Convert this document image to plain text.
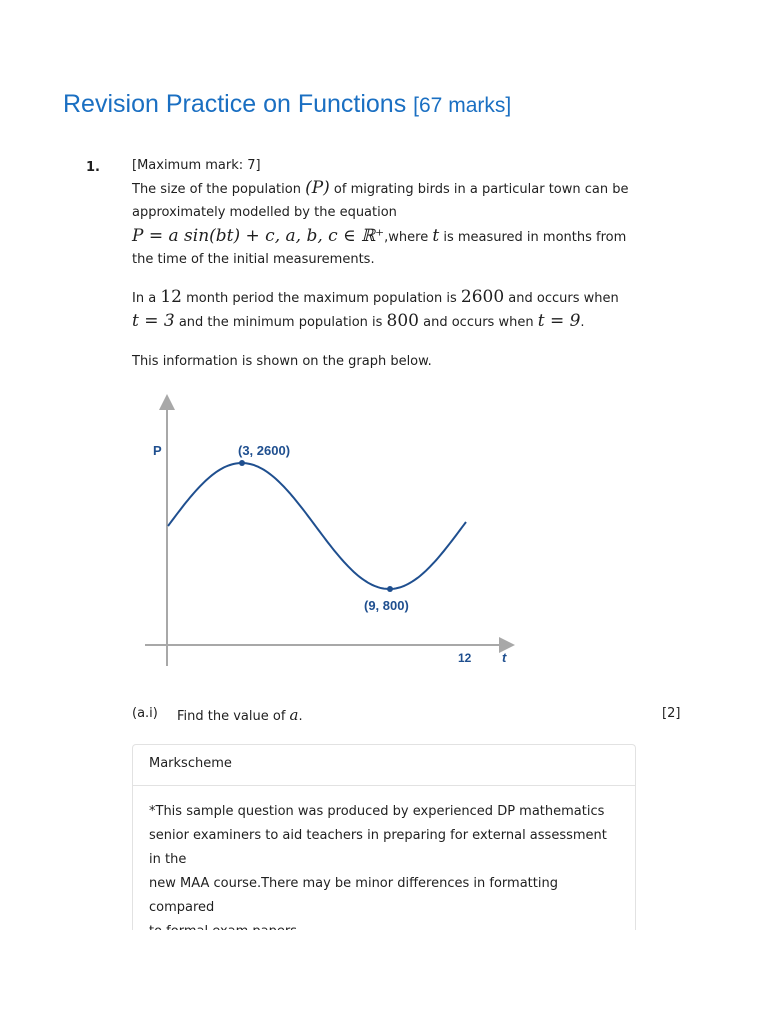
Revision Practice on Functions [67 marks]
1. [Maximum mark: 7]
The size of the population (P) of migrating birds in a particular town can be
approximately modelled by the equation
P = a sin(bt) + c, a, b, c ∈ ℝ⁺,where t is measured in months from
the time of the initial measurements.
In a 12 month period the maximum population is 2600 and occurs when
t = 3 and the minimum population is 800 and occurs when t = 9.
This information is shown on the graph below.
P	(3, 2600)
(9, 800)
12 t
(a.i) Find the value of a.	[2]
Markscheme
*This sample question was produced by experienced DP mathematics
senior examiners to aid teachers in preparing for external assessment in the
new MAA course.There may be minor differences in formatting compared
